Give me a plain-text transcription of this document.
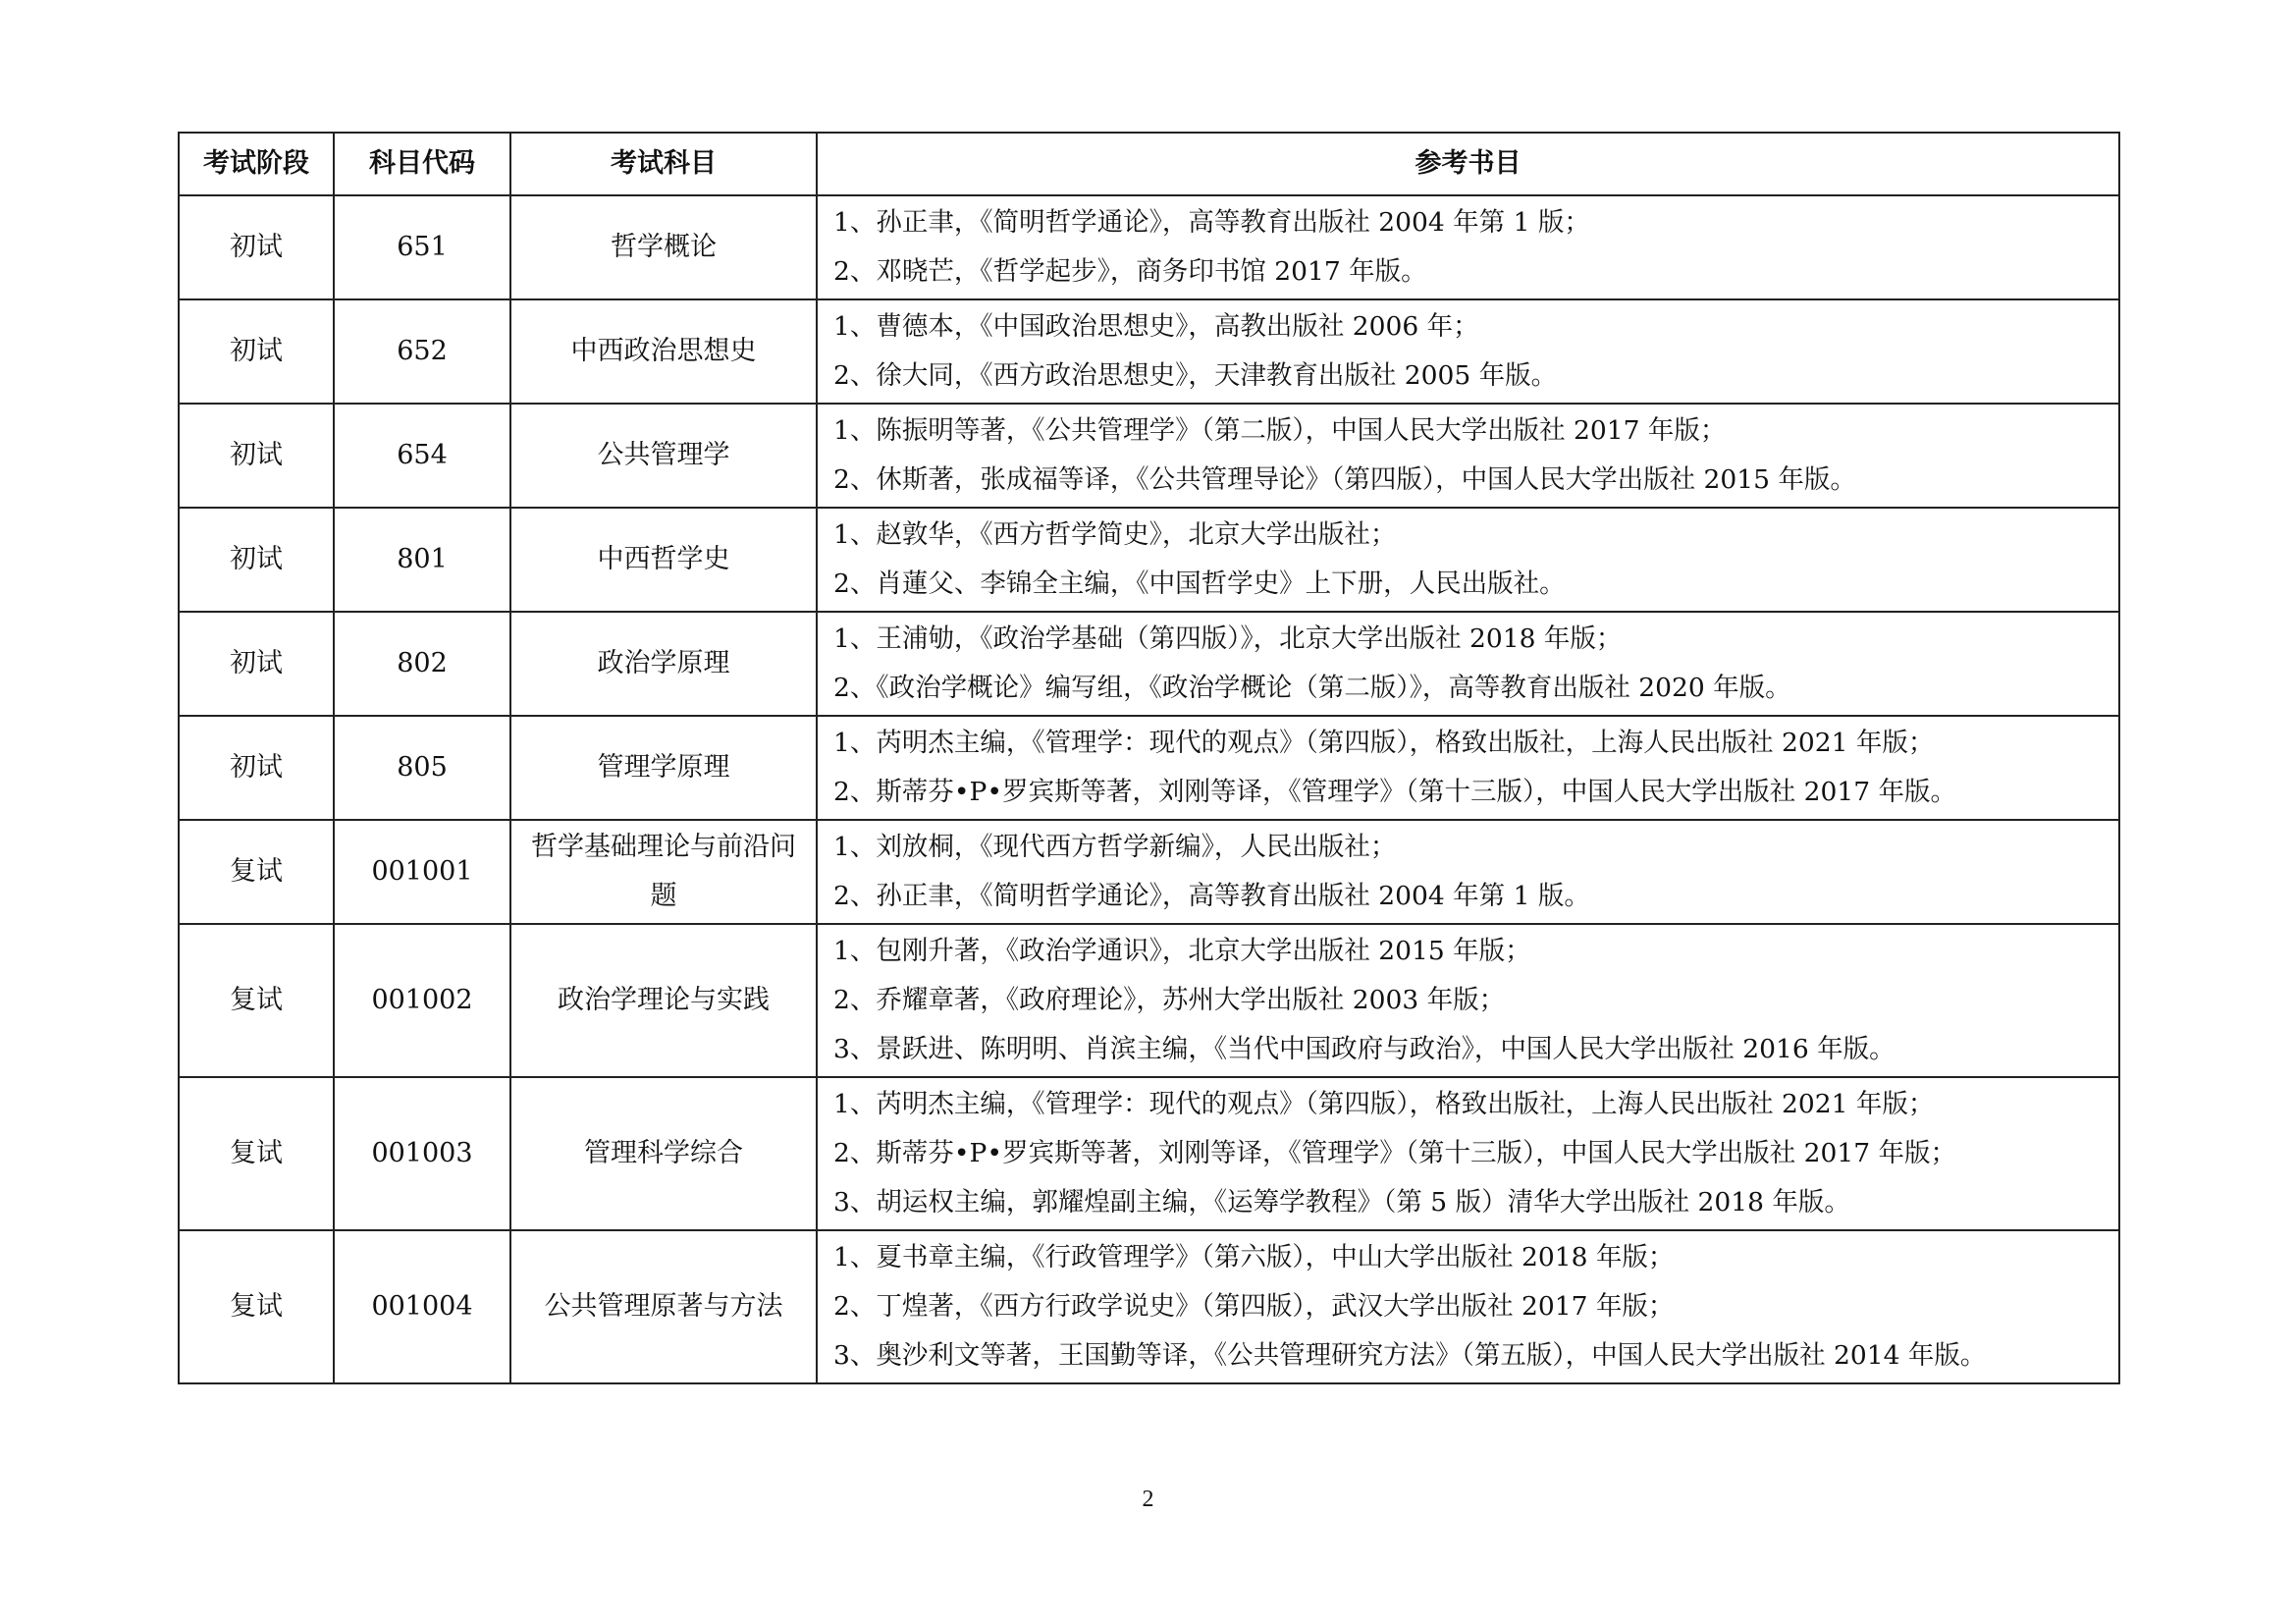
考试阶段	科目代码	考试科目	参考书目
初试	651	哲学概论	1、孙正聿，《简明哲学通论》，高等教育出版社 2004 年第 1 版；
2、邓晓芒，《哲学起步》，商务印书馆 2017 年版。

初试	652	中西政治思想史	1、曹德本，《中国政治思想史》，高教出版社 2006 年；
2、徐大同，《西方政治思想史》，天津教育出版社 2005 年版。

初试	654	公共管理学	1、陈振明等著，《公共管理学》（第二版），中国人民大学出版社 2017 年版；
2、休斯著，张成福等译，《公共管理导论》（第四版），中国人民大学出版社 2015 年版。

初试	801	中西哲学史	1、赵敦华，《西方哲学简史》，北京大学出版社；
2、肖蓮父、李锦全主编，《中国哲学史》上下册，人民出版社。

初试	802	政治学原理	1、王浦劬，《政治学基础（第四版）》，北京大学出版社 2018 年版；
2、《政治学概论》编写组，《政治学概论（第二版）》，高等教育出版社 2020 年版。

初试	805	管理学原理	1、芮明杰主编，《管理学：现代的观点》（第四版），格致出版社，上海人民出版社 2021 年版；
2、斯蒂芬•P•罗宾斯等著，刘刚等译，《管理学》（第十三版），中国人民大学出版社 2017 年版。

复试	001001	哲学基础理论与前沿问题	1、刘放桐，《现代西方哲学新编》，人民出版社；
2、孙正聿，《简明哲学通论》，高等教育出版社 2004 年第 1 版。

复试	001002	政治学理论与实践	1、包刚升著，《政治学通识》，北京大学出版社 2015 年版；
2、乔耀章著，《政府理论》，苏州大学出版社 2003 年版；
3、景跃进、陈明明、肖滨主编，《当代中国政府与政治》，中国人民大学出版社 2016 年版。

复试	001003	管理科学综合	1、芮明杰主编，《管理学：现代的观点》（第四版），格致出版社，上海人民出版社 2021 年版；
2、斯蒂芬•P•罗宾斯等著，刘刚等译，《管理学》（第十三版），中国人民大学出版社 2017 年版；
3、胡运权主编，郭耀煌副主编，《运筹学教程》（第 5 版）清华大学出版社 2018 年版。

复试	001004	公共管理原著与方法	1、夏书章主编，《行政管理学》（第六版），中山大学出版社 2018 年版；
2、丁煌著，《西方行政学说史》（第四版），武汉大学出版社 2017 年版；
3、奥沙利文等著，王国勤等译，《公共管理研究方法》（第五版），中国人民大学出版社 2014 年版。
2
